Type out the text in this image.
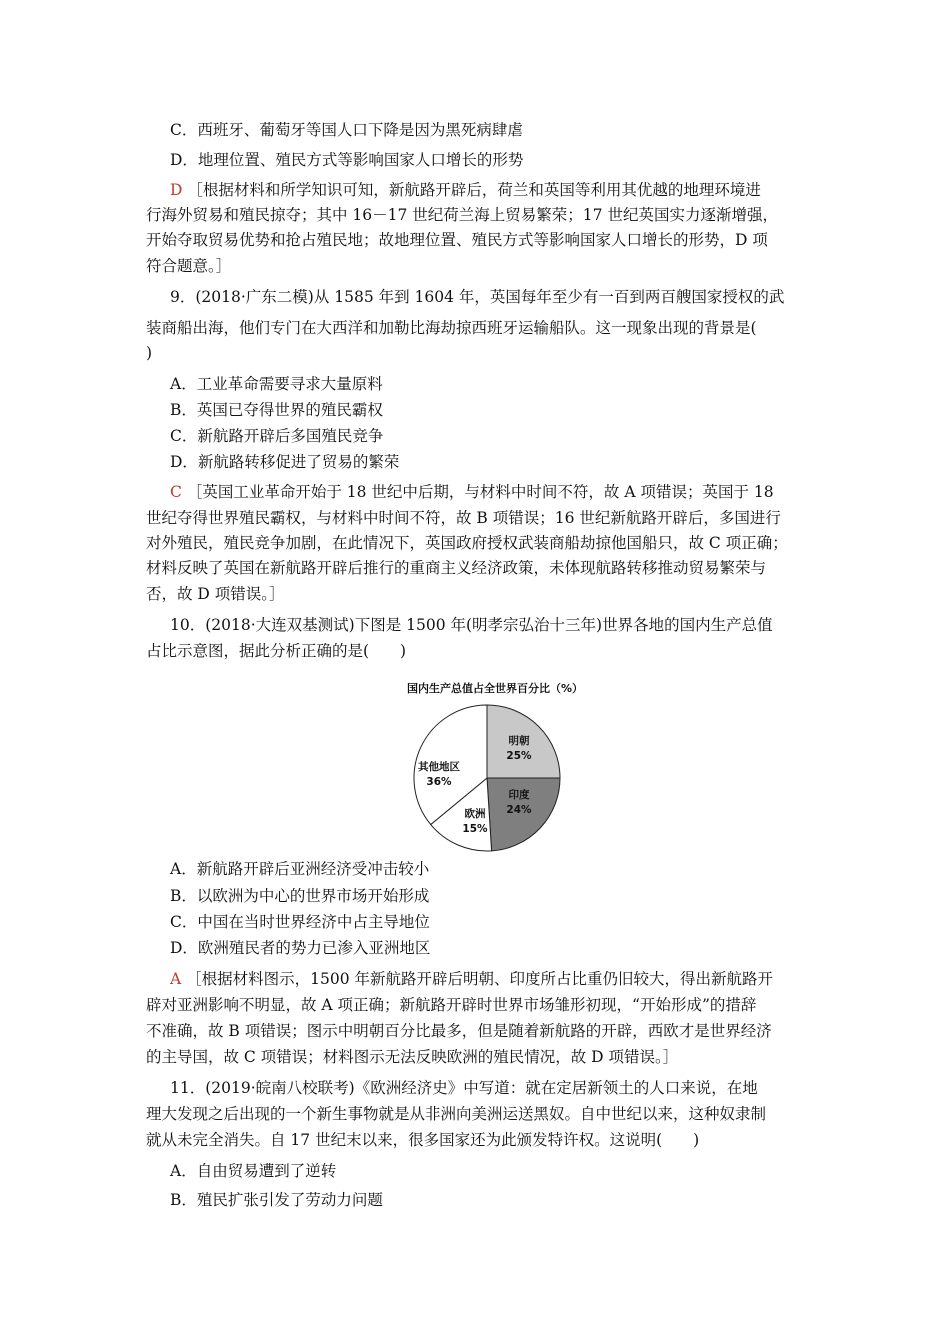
C．西班牙、葡萄牙等国人口下降是因为黑死病肆虐
D．地理位置、殖民方式等影响国家人口增长的形势
D ［根据材料和所学知识可知，新航路开辟后，荷兰和英国等利用其优越的地理环境进
行海外贸易和殖民掠夺；其中 16－17 世纪荷兰海上贸易繁荣；17 世纪英国实力逐渐增强，
开始夺取贸易优势和抢占殖民地；故地理位置、殖民方式等影响国家人口增长的形势，D 项
符合题意。］
9．(2018·广东二模)从 1585 年到 1604 年，英国每年至少有一百到两百艘国家授权的武
装商船出海，他们专门在大西洋和加勒比海劫掠西班牙运输船队。这一现象出现的背景是(
)
A．工业革命需要寻求大量原料
B．英国已夺得世界的殖民霸权
C．新航路开辟后多国殖民竞争
D．新航路转移促进了贸易的繁荣
C ［英国工业革命开始于 18 世纪中后期，与材料中时间不符，故 A 项错误；英国于 18
世纪夺得世界殖民霸权，与材料中时间不符，故 B 项错误；16 世纪新航路开辟后，多国进行
对外殖民，殖民竞争加剧，在此情况下，英国政府授权武装商船劫掠他国船只，故 C 项正确；
材料反映了英国在新航路开辟后推行的重商主义经济政策，未体现航路转移推动贸易繁荣与
否，故 D 项错误。］
10．(2018·大连双基测试)下图是 1500 年(明孝宗弘治十三年)世界各地的国内生产总值
占比示意图，据此分析正确的是(　　)
A．新航路开辟后亚洲经济受冲击较小
B．以欧洲为中心的世界市场开始形成
C．中国在当时世界经济中占主导地位
D．欧洲殖民者的势力已渗入亚洲地区
A ［根据材料图示，1500 年新航路开辟后明朝、印度所占比重仍旧较大，得出新航路开
辟对亚洲影响不明显，故 A 项正确；新航路开辟时世界市场雏形初现，“开始形成”的措辞
不准确，故 B 项错误；图示中明朝百分比最多，但是随着新航路的开辟，西欧才是世界经济
的主导国，故 C 项错误；材料图示无法反映欧洲的殖民情况，故 D 项错误。］
11．(2019·皖南八校联考)《欧洲经济史》中写道：就在定居新领土的人口来说，在地
理大发现之后出现的一个新生事物就是从非洲向美洲运送黑奴。自中世纪以来，这种奴隶制
就从未完全消失。自 17 世纪末以来，很多国家还为此颁发特许权。这说明(　　)
A．自由贸易遭到了逆转
B．殖民扩张引发了劳动力问题
国内生产总值占全世界百分比（%）
明朝
25%
印度
24%
欧洲
15%
其他地区
36%
